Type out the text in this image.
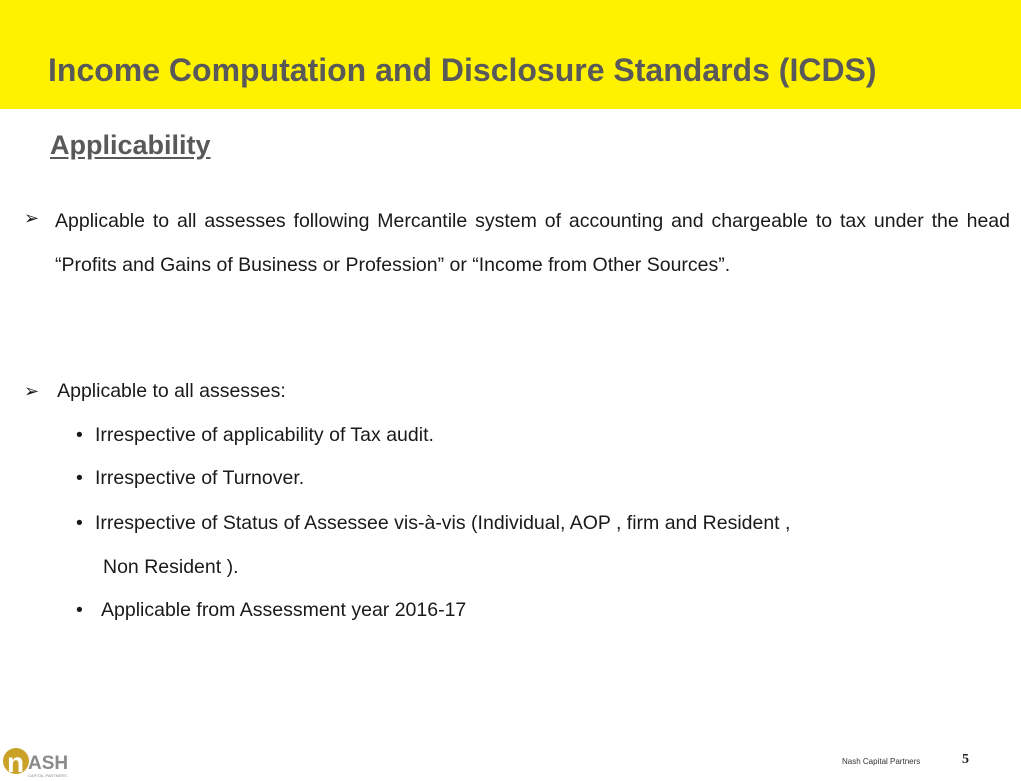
Income Computation and Disclosure Standards (ICDS)
Applicability
➢ Applicable to all assesses following Mercantile system of accounting and chargeable to tax under the head “Profits and Gains of Business or Profession” or “Income from Other Sources”.
➢ Applicable to all assesses:
• Irrespective of applicability of Tax audit.
• Irrespective of Turnover.
• Irrespective of Status of Assessee vis-à-vis (Individual, AOP , firm and Resident ,
Non Resident ).
• Applicable from Assessment year 2016-17
n ASH
CAPITAL PARTNERS
Nash Capital Partners	5
